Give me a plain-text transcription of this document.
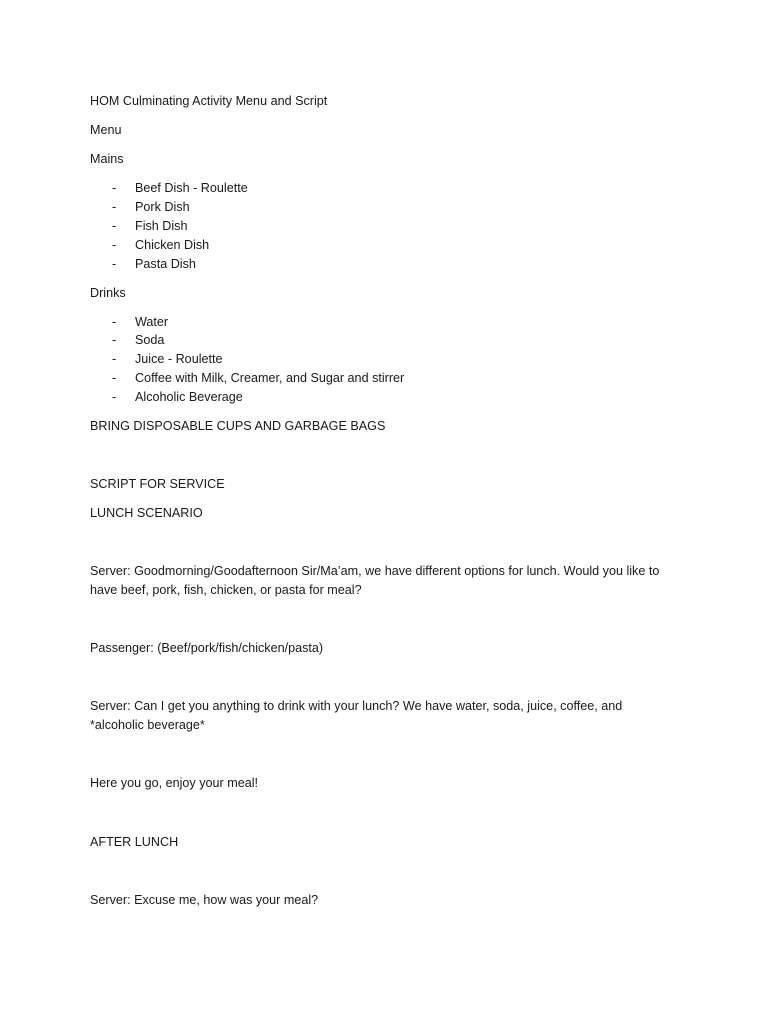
HOM Culminating Activity Menu and Script
Menu
Mains
- Beef Dish - Roulette
- Pork Dish
- Fish Dish
- Chicken Dish
- Pasta Dish
Drinks
- Water
- Soda
- Juice - Roulette
- Coffee with Milk, Creamer, and Sugar and stirrer
- Alcoholic Beverage
BRING DISPOSABLE CUPS AND GARBAGE BAGS
SCRIPT FOR SERVICE
LUNCH SCENARIO
Server: Goodmorning/Goodafternoon Sir/Ma’am, we have different options for lunch. Would you like to
have beef, pork, fish, chicken, or pasta for meal?
Passenger: (Beef/pork/fish/chicken/pasta)
Server: Can I get you anything to drink with your lunch? We have water, soda, juice, coffee, and
*alcoholic beverage*
Here you go, enjoy your meal!
AFTER LUNCH
Server: Excuse me, how was your meal?
